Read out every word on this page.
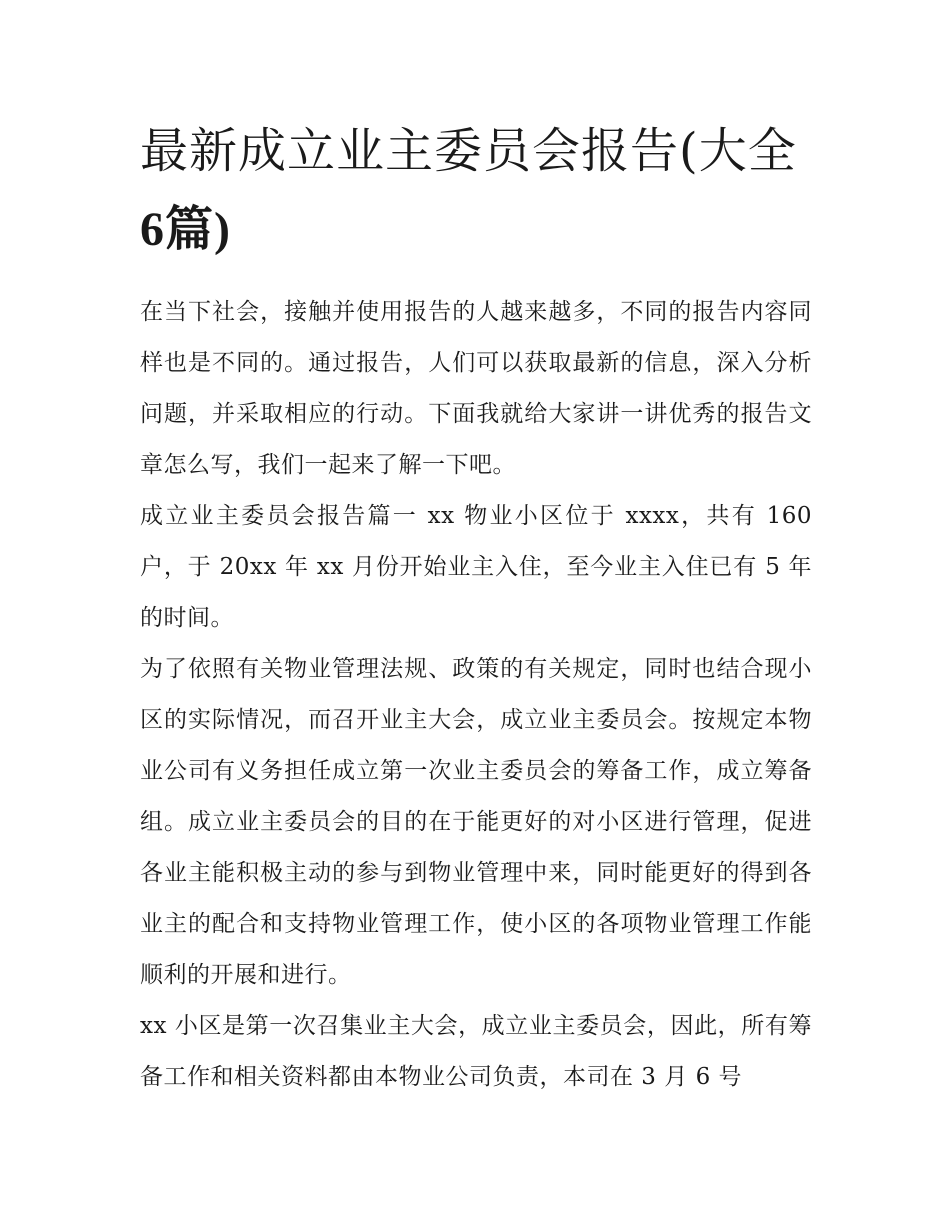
最新成立业主委员会报告(大全
6篇)

在当下社会，接触并使用报告的人越来越多，不同的报告内容同样也是不同的。通过报告，人们可以获取最新的信息，深入分析问题，并采取相应的行动。下面我就给大家讲一讲优秀的报告文章怎么写，我们一起来了解一下吧。

成立业主委员会报告篇一 xx 物业小区位于 xxxx，共有 160 户，于 20xx 年 xx 月份开始业主入住，至今业主入住已有 5 年的时间。

为了依照有关物业管理法规、政策的有关规定，同时也结合现小区的实际情况，而召开业主大会，成立业主委员会。按规定本物业公司有义务担任成立第一次业主委员会的筹备工作，成立筹备组。成立业主委员会的目的在于能更好的对小区进行管理，促进各业主能积极主动的参与到物业管理中来，同时能更好的得到各业主的配合和支持物业管理工作，使小区的各项物业管理工作能顺利的开展和进行。

xx 小区是第一次召集业主大会，成立业主委员会，因此，所有筹备工作和相关资料都由本物业公司负责，本司在 3 月 6 号
